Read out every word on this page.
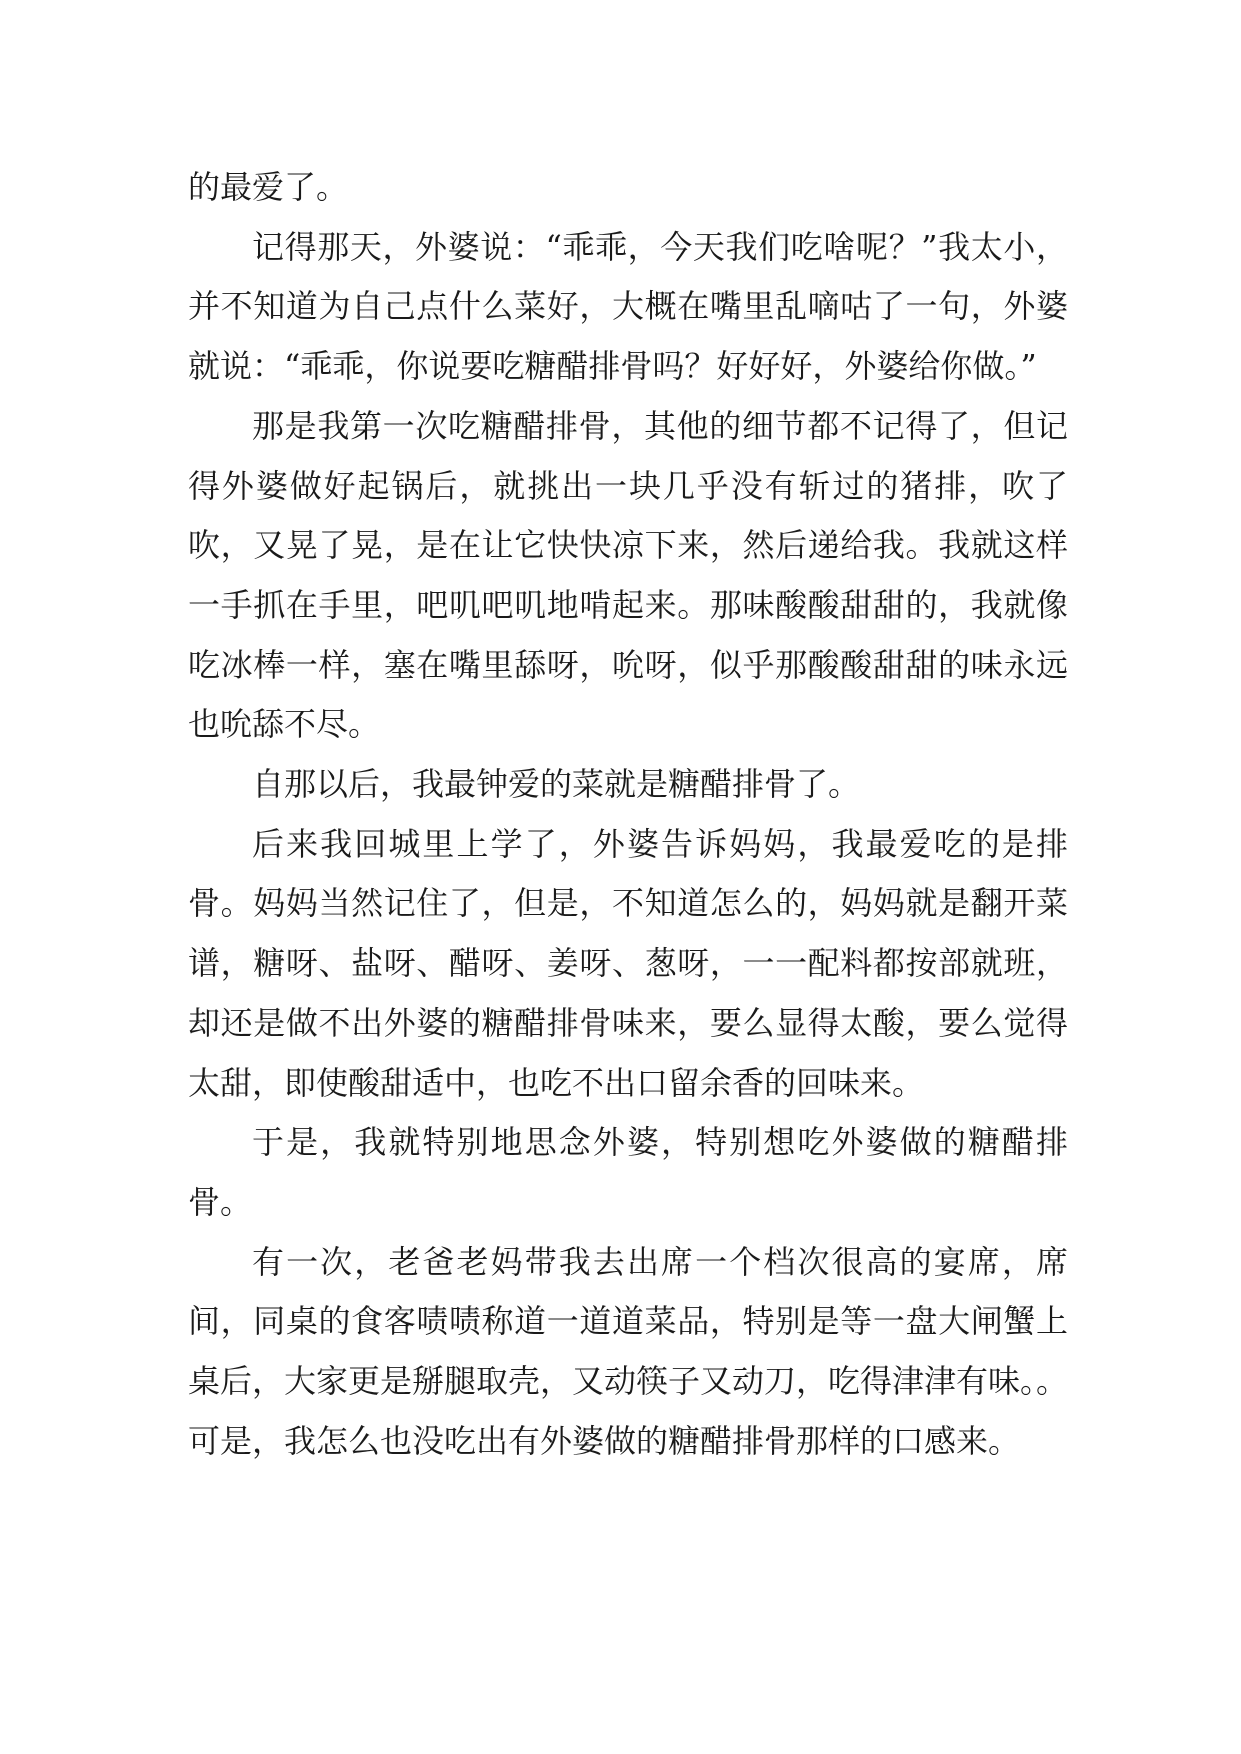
的最爱了。

记得那天，外婆说：“乖乖，今天我们吃啥呢？”我太小，并不知道为自己点什么菜好，大概在嘴里乱嘀咕了一句，外婆就说：“乖乖，你说要吃糖醋排骨吗？好好好，外婆给你做。”

那是我第一次吃糖醋排骨，其他的细节都不记得了，但记得外婆做好起锅后，就挑出一块几乎没有斩过的猪排，吹了吹，又晃了晃，是在让它快快凉下来，然后递给我。我就这样一手抓在手里，吧叽吧叽地啃起来。那味酸酸甜甜的，我就像吃冰棒一样，塞在嘴里舔呀，吮呀，似乎那酸酸甜甜的味永远也吮舔不尽。

自那以后，我最钟爱的菜就是糖醋排骨了。

后来我回城里上学了，外婆告诉妈妈，我最爱吃的是排骨。妈妈当然记住了，但是，不知道怎么的，妈妈就是翻开菜谱，糖呀、盐呀、醋呀、姜呀、葱呀，一一配料都按部就班，却还是做不出外婆的糖醋排骨味来，要么显得太酸，要么觉得太甜，即使酸甜适中，也吃不出口留余香的回味来。

于是，我就特别地思念外婆，特别想吃外婆做的糖醋排骨。

有一次，老爸老妈带我去出席一个档次很高的宴席，席间，同桌的食客啧啧称道一道道菜品，特别是等一盘大闸蟹上桌后，大家更是掰腿取壳，又动筷子又动刀，吃得津津有味。。可是，我怎么也没吃出有外婆做的糖醋排骨那样的口感来。
